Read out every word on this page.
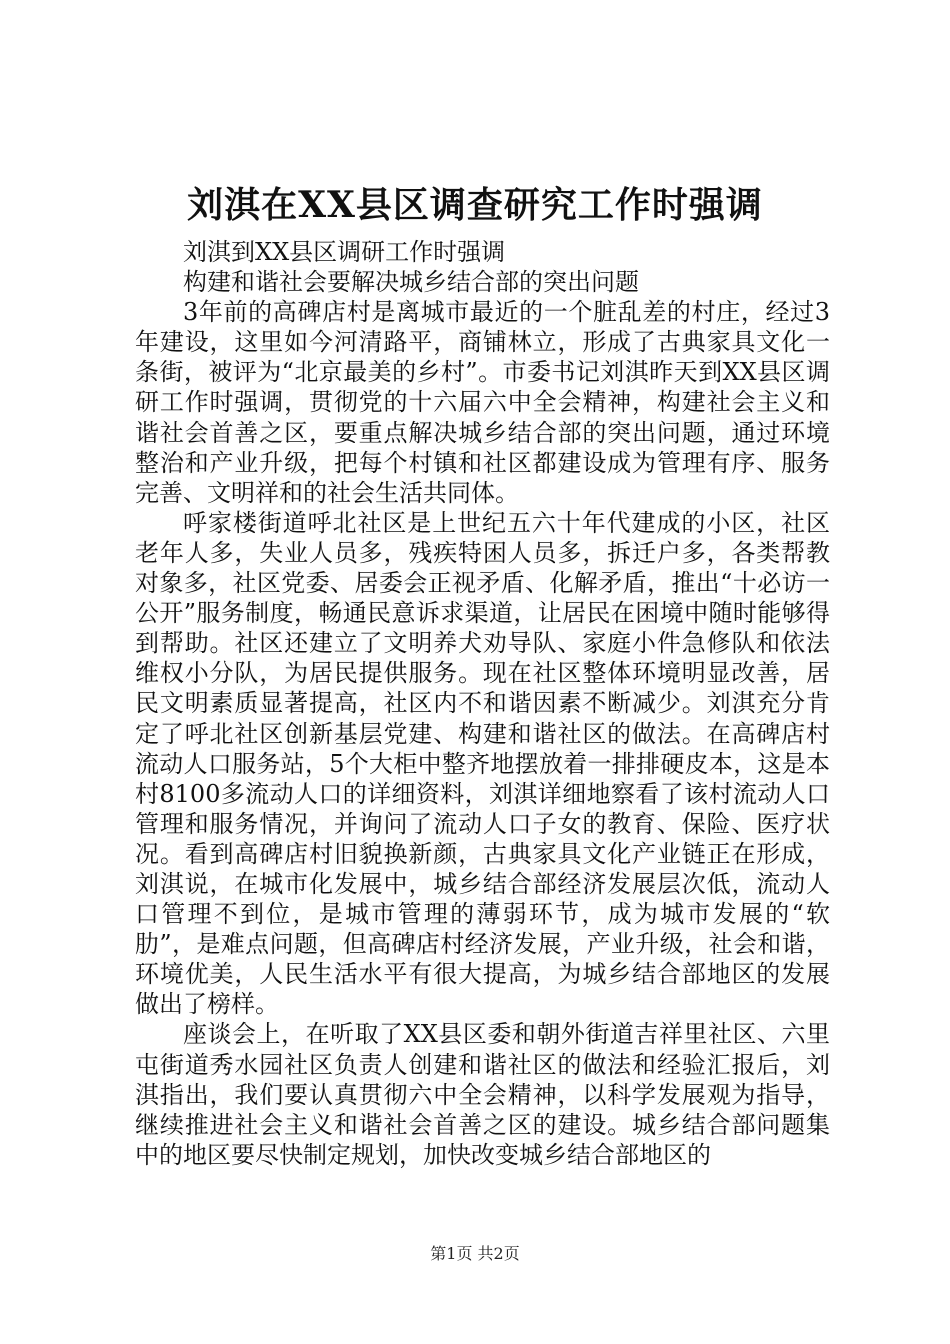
刘淇在XX县区调查研究工作时强调

刘淇到XX县区调研工作时强调

构建和谐社会要解决城乡结合部的突出问题

3年前的高碑店村是离城市最近的一个脏乱差的村庄，经过3年建设，这里如今河清路平，商铺林立，形成了古典家具文化一条街，被评为“北京最美的乡村”。市委书记刘淇昨天到XX县区调研工作时强调，贯彻党的十六届六中全会精神，构建社会主义和谐社会首善之区，要重点解决城乡结合部的突出问题，通过环境整治和产业升级，把每个村镇和社区都建设成为管理有序、服务完善、文明祥和的社会生活共同体。

呼家楼街道呼北社区是上世纪五六十年代建成的小区，社区老年人多，失业人员多，残疾特困人员多，拆迁户多，各类帮教对象多，社区党委、居委会正视矛盾、化解矛盾，推出“十必访一公开”服务制度，畅通民意诉求渠道，让居民在困境中随时能够得到帮助。社区还建立了文明养犬劝导队、家庭小件急修队和依法维权小分队，为居民提供服务。现在社区整体环境明显改善，居民文明素质显著提高，社区内不和谐因素不断减少。刘淇充分肯定了呼北社区创新基层党建、构建和谐社区的做法。在高碑店村流动人口服务站，5个大柜中整齐地摆放着一排排硬皮本，这是本村8100多流动人口的详细资料，刘淇详细地察看了该村流动人口管理和服务情况，并询问了流动人口子女的教育、保险、医疗状况。看到高碑店村旧貌换新颜，古典家具文化产业链正在形成，刘淇说，在城市化发展中，城乡结合部经济发展层次低，流动人口管理不到位，是城市管理的薄弱环节，成为城市发展的“软肋”，是难点问题，但高碑店村经济发展，产业升级，社会和谐，环境优美，人民生活水平有很大提高，为城乡结合部地区的发展做出了榜样。

座谈会上，在听取了XX县区委和朝外街道吉祥里社区、六里屯街道秀水园社区负责人创建和谐社区的做法和经验汇报后，刘淇指出，我们要认真贯彻六中全会精神，以科学发展观为指导，继续推进社会主义和谐社会首善之区的建设。城乡结合部问题集中的地区要尽快制定规划，加快改变城乡结合部地区的

第1页 共2页
